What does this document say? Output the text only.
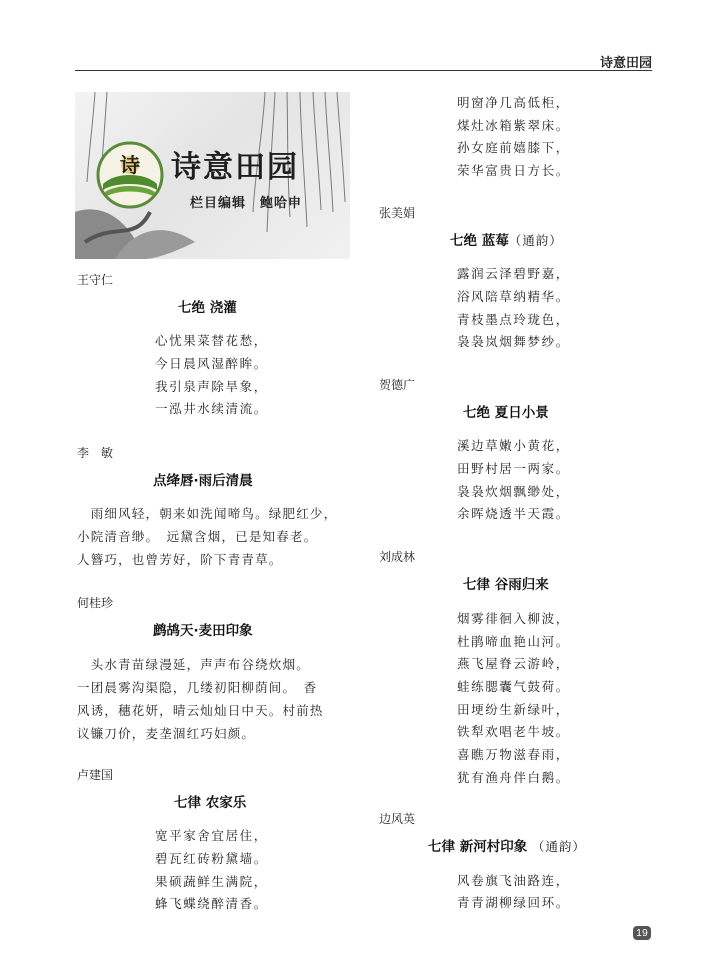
诗意田园
诗 诗意田园
栏目编辑　鲍哈申
王守仁
七绝 浇灌
心忧果菜替花愁，
今日晨风湿醉眸。
我引泉声除旱象，
一泓井水续清流。
李　敏
点绛唇·雨后清晨
　雨细风轻，朝来如洗闻啼鸟。绿肥红少，
小院清音缈。　远黛含烟，已是知春老。
人簪巧，也曾芳好，阶下青青草。
何桂珍
鹧鸪天·麦田印象
　头水青苗绿漫延，声声布谷绕炊烟。
一团晨雾沟渠隐，几缕初阳柳荫间。　香
风诱，穗花妍，晴云灿灿日中天。村前热
议镰刀价，麦垄涸红巧妇颜。
卢建国
七律 农家乐
宽平家舍宜居住，
碧瓦红砖粉黛墙。
果硕蔬鲜生满院，
蜂飞蝶绕醉清香。
明窗净几高低柜，
煤灶冰箱紫翠床。
孙女庭前嬉膝下，
荣华富贵日方长。
张美娟
七绝 蓝莓（通韵）
露润云泽碧野嘉，
浴风陪草纳精华。
青枝墨点玲珑色，
袅袅岚烟舞梦纱。
贺德广
七绝 夏日小景
溪边草嫩小黄花，
田野村居一两家。
袅袅炊烟飘缈处，
余晖烧透半天霞。
刘成林
七律 谷雨归来
烟雾徘徊入柳波，
杜鹃啼血艳山河。
燕飞屋脊云游岭，
蛙练腮囊气鼓荷。
田埂纷生新绿叶，
铁犁欢唱老牛坡。
喜瞧万物滋春雨，
犹有渔舟伴白鹅。
边风英
七律 新河村印象 （通韵）
风卷旗飞油路连，
青青湖柳绿回环。
19
